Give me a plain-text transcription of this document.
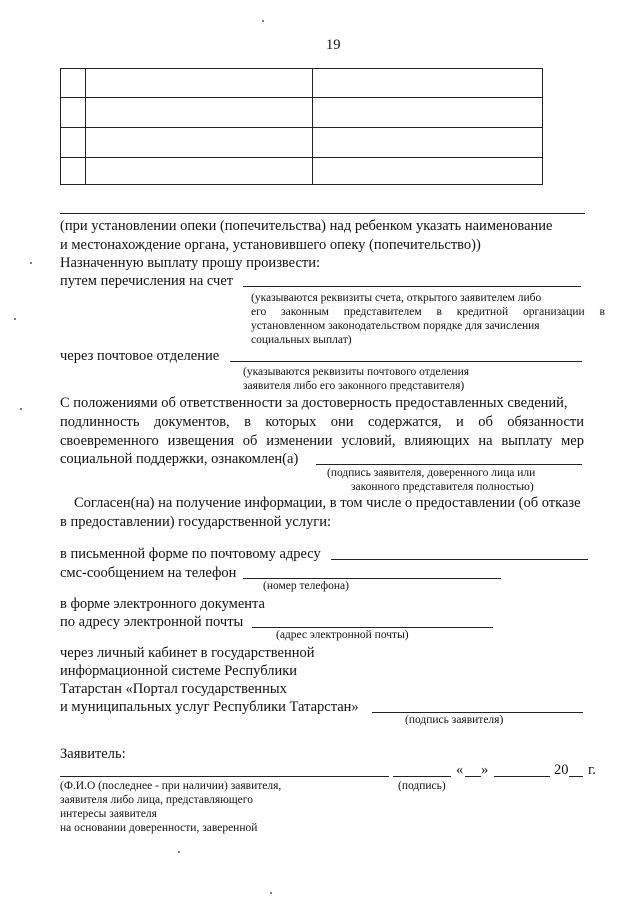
19

(при установлении опеки (попечительства) над ребенком указать наименование
и местонахождение органа, установившего опеку (попечительство))
Назначенную выплату прошу произвести:
путем перечисления на счет
(указываются реквизиты счета, открытого заявителем либо
его законным представителем в кредитной организации в
установленном законодательством порядке для зачисления
социальных выплат)
через почтовое отделение
(указываются реквизиты почтового отделения
заявителя либо его законного представителя)
С положениями об ответственности за достоверность предоставленных сведений,
подлинность документов, в которых они содержатся, и об обязанности
своевременного извещения об изменении условий, влияющих на выплату мер
социальной поддержки, ознакомлен(а)
(подпись заявителя, доверенного лица или
законного представителя полностью)
Согласен(на) на получение информации, в том числе о предоставлении (об отказе
в предоставлении) государственной услуги:
в письменной форме по почтовому адресу
смс-сообщением на телефон
(номер телефона)
в форме электронного документа
по адресу электронной почты
(адрес электронной почты)
через личный кабинет в государственной
информационной системе Республики
Татарстан «Портал государственных
и муниципальных услуг Республики Татарстан»
(подпись заявителя)
Заявитель:
« »	20 г.
(Ф.И.О (последнее - при наличии) заявителя,
заявителя либо лица, представляющего
интересы заявителя
на основании доверенности, заверенной
(подпись)
